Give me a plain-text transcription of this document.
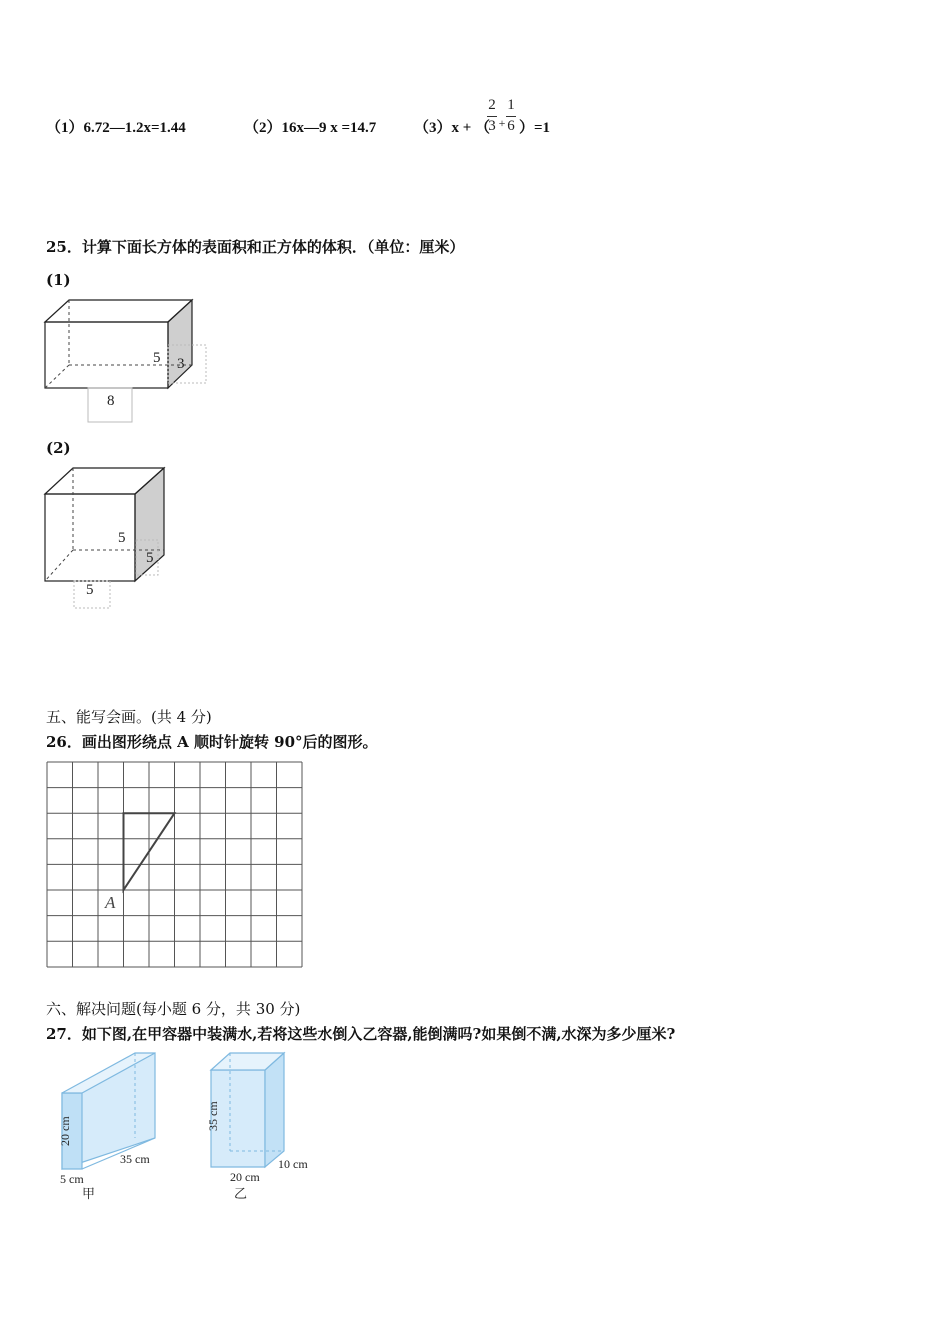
（1）6.72—1.2x=1.44	（2）16x—9 x =14.7	（3）x + （
2
3 +
1
6 ）=1
25．计算下面长方体的表面积和正方体的体积．（单位：厘米）
(1)
8
3
5
(2)
5
5
5
五、能写会画。(共 4 分)
26．画出图形绕点 A 顺时针旋转 90°后的图形。
A
六、解决问题(每小题 6 分，共 30 分)
27．如下图,在甲容器中装满水,若将这些水倒入乙容器,能倒满吗?如果倒不满,水深为多少厘米?
20 cm
35 cm
5 cm
甲
35 cm
20 cm
10 cm
乙
